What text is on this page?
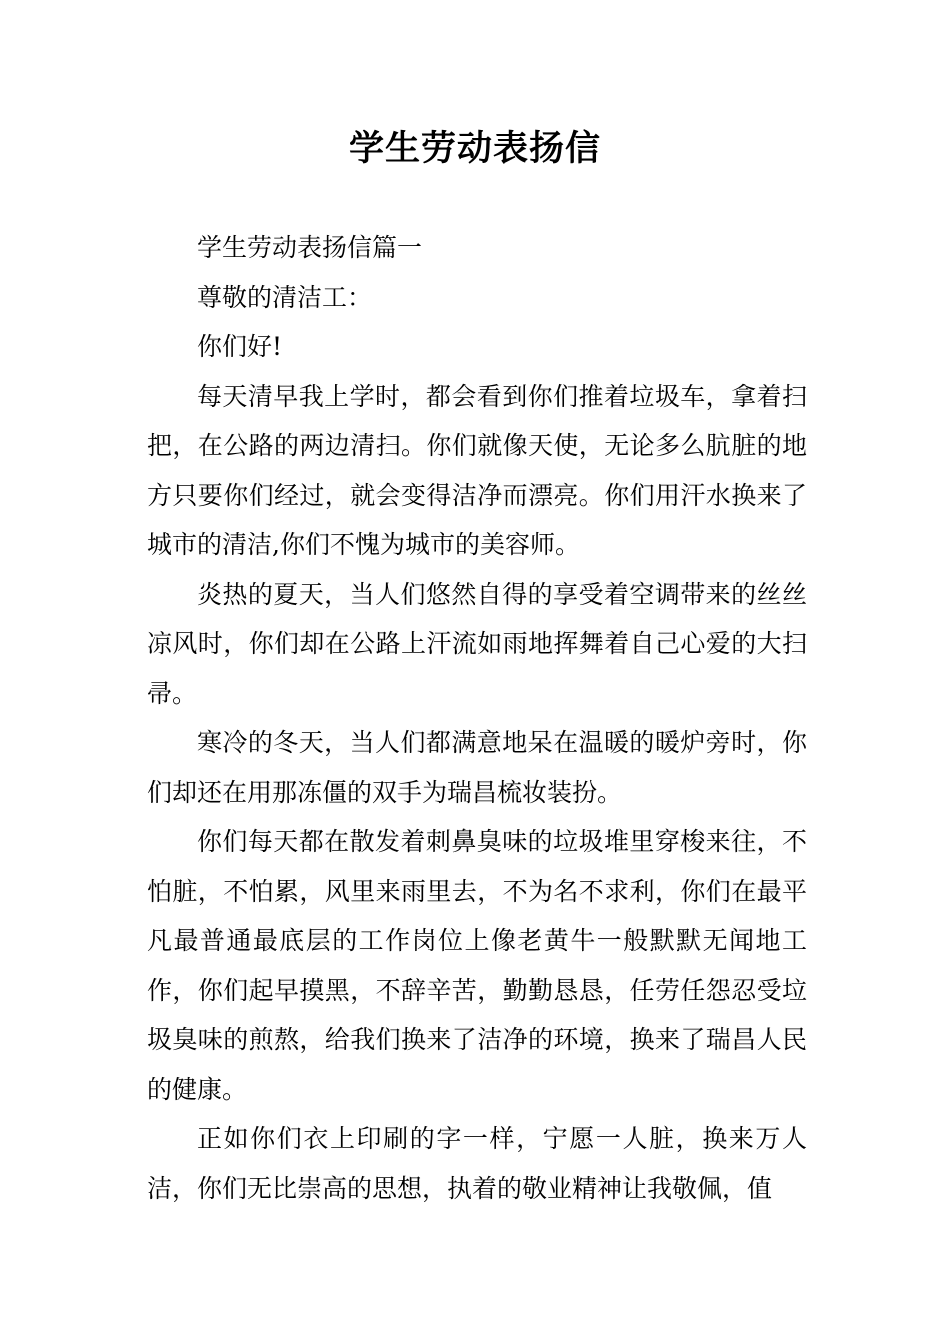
学生劳动表扬信

学生劳动表扬信篇一

尊敬的清洁工：

你们好!

每天清早我上学时，都会看到你们推着垃圾车，拿着扫把，在公路的两边清扫。你们就像天使，无论多么肮脏的地方只要你们经过，就会变得洁净而漂亮。你们用汗水换来了城市的清洁,你们不愧为城市的美容师。

炎热的夏天，当人们悠然自得的享受着空调带来的丝丝凉风时，你们却在公路上汗流如雨地挥舞着自己心爱的大扫帚。

寒冷的冬天，当人们都满意地呆在温暖的暖炉旁时，你们却还在用那冻僵的双手为瑞昌梳妆装扮。

你们每天都在散发着刺鼻臭味的垃圾堆里穿梭来往，不怕脏，不怕累，风里来雨里去，不为名不求利，你们在最平凡最普通最底层的工作岗位上像老黄牛一般默默无闻地工作，你们起早摸黑，不辞辛苦，勤勤恳恳，任劳任怨忍受垃圾臭味的煎熬，给我们换来了洁净的环境，换来了瑞昌人民的健康。

正如你们衣上印刷的字一样，宁愿一人脏，换来万人洁，你们无比崇高的思想，执着的敬业精神让我敬佩，值
